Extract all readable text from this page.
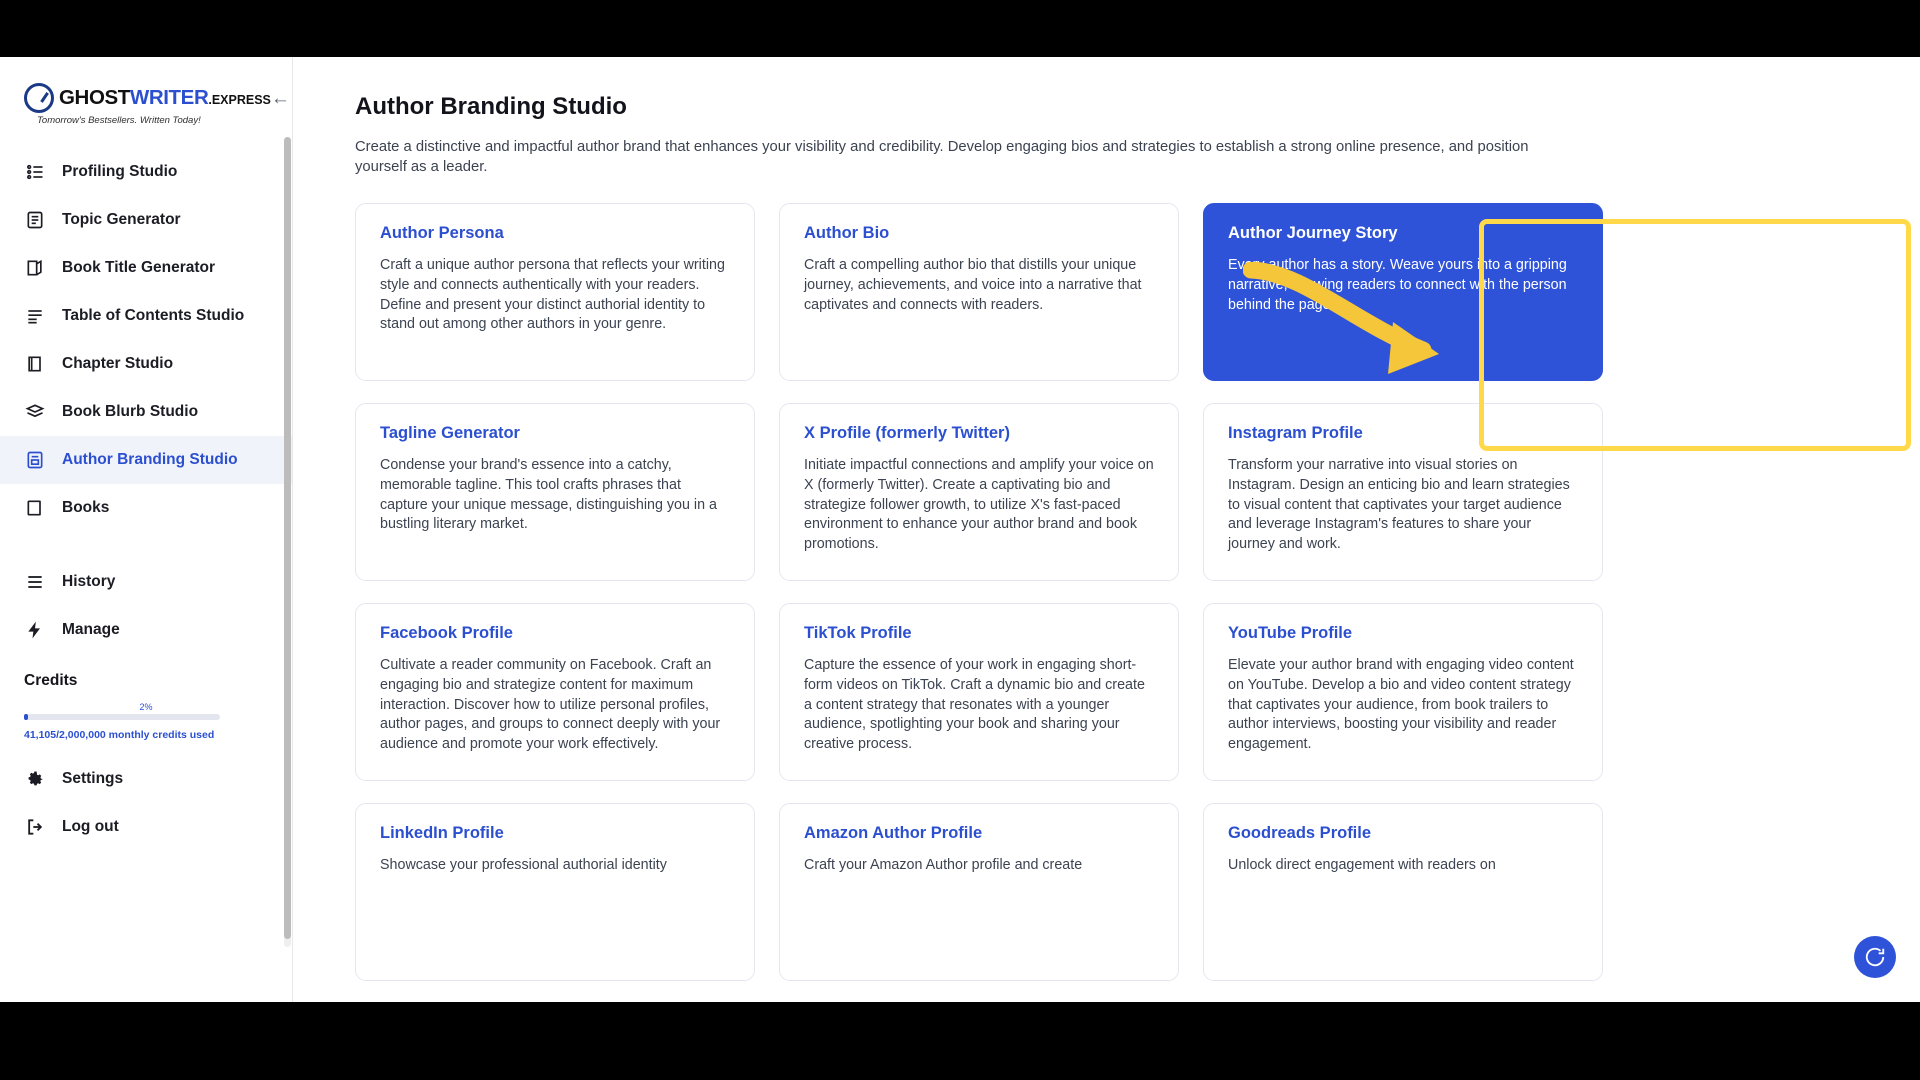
GHOSTWRITER.EXPRESS
Tomorrow's Bestsellers. Written Today!
←
Profiling Studio
Topic Generator
Book Title Generator
Table of Contents Studio
Chapter Studio
Book Blurb Studio
Author Branding Studio
Books
History
Manage
Credits
2%
41,105/2,000,000 monthly credits used
Settings
Log out
Author Branding Studio

Create a distinctive and impactful author brand that enhances your visibility and credibility. Develop engaging bios and strategies to establish a strong online presence, and position yourself as a leader.

Author Persona
Craft a unique author persona that reflects your writing style and connects authentically with your readers. Define and present your distinct authorial identity to stand out among other authors in your genre.
Author Bio
Craft a compelling author bio that distills your unique journey, achievements, and voice into a narrative that captivates and connects with readers.
Author Journey Story
Every author has a story. Weave yours into a gripping narrative, allowing readers to connect with the person behind the pages.
Tagline Generator
Condense your brand's essence into a catchy, memorable tagline. This tool crafts phrases that capture your unique message, distinguishing you in a bustling literary market.
X Profile (formerly Twitter)
Initiate impactful connections and amplify your voice on X (formerly Twitter). Create a captivating bio and strategize follower growth, to utilize X's fast-paced environment to enhance your author brand and book promotions.
Instagram Profile
Transform your narrative into visual stories on Instagram. Design an enticing bio and learn strategies to visual content that captivates your target audience and leverage Instagram's features to share your journey and work.
Facebook Profile
Cultivate a reader community on Facebook. Craft an engaging bio and strategize content for maximum interaction. Discover how to utilize personal profiles, author pages, and groups to connect deeply with your audience and promote your work effectively.
TikTok Profile
Capture the essence of your work in engaging short-form videos on TikTok. Craft a dynamic bio and create a content strategy that resonates with a younger audience, spotlighting your book and sharing your creative process.
YouTube Profile
Elevate your author brand with engaging video content on YouTube. Develop a bio and video content strategy that captivates your audience, from book trailers to author interviews, boosting your visibility and reader engagement.
LinkedIn Profile
Showcase your professional authorial identity
Amazon Author Profile
Craft your Amazon Author profile and create
Goodreads Profile
Unlock direct engagement with readers on
